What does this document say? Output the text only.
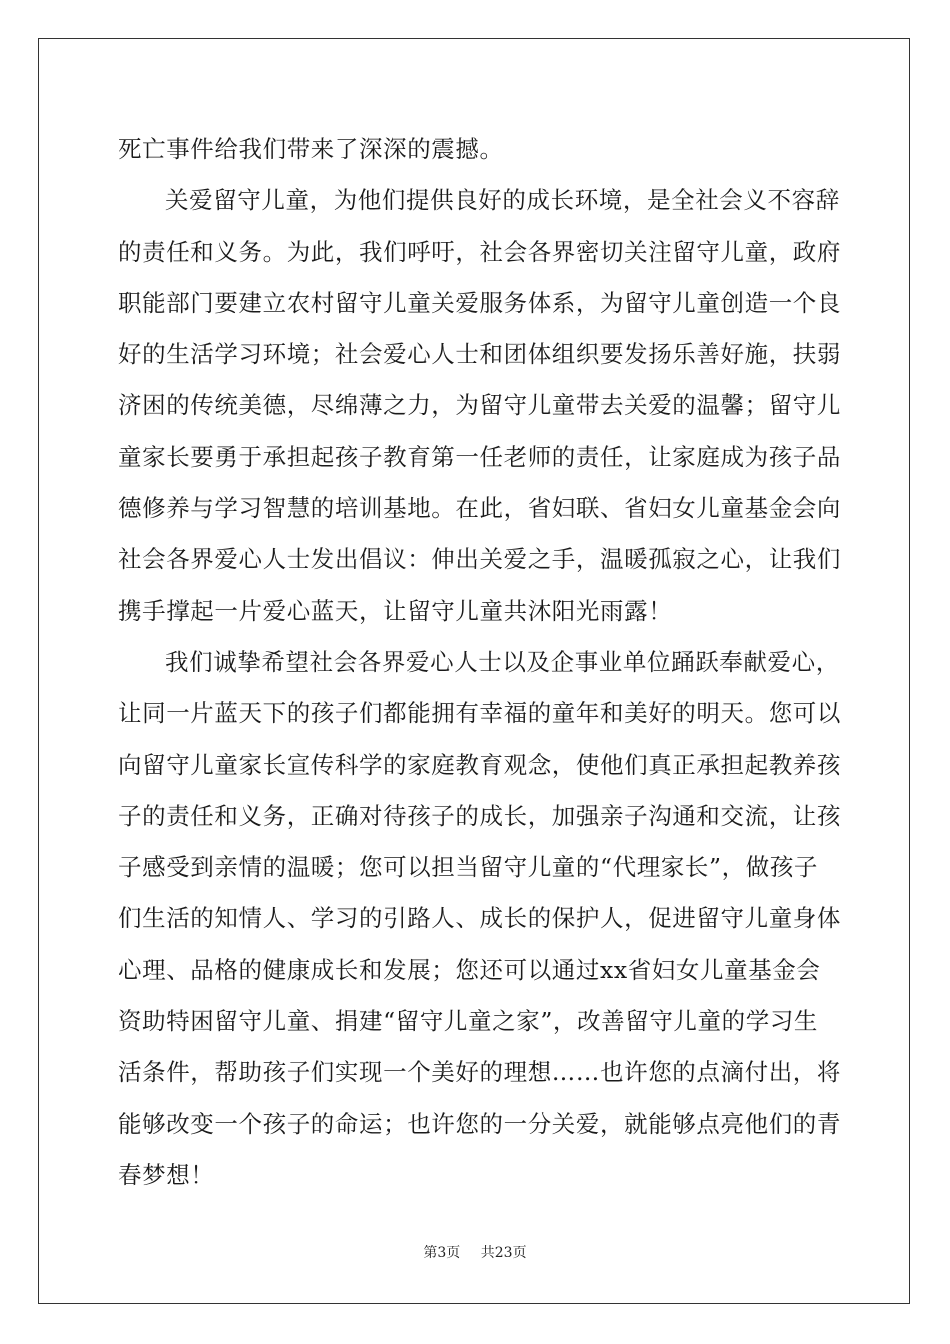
死亡事件给我们带来了深深的震撼。
关爱留守儿童，为他们提供良好的成长环境，是全社会义不容辞
的责任和义务。为此，我们呼吁，社会各界密切关注留守儿童，政府
职能部门要建立农村留守儿童关爱服务体系，为留守儿童创造一个良
好的生活学习环境；社会爱心人士和团体组织要发扬乐善好施，扶弱
济困的传统美德，尽绵薄之力，为留守儿童带去关爱的温馨；留守儿
童家长要勇于承担起孩子教育第一任老师的责任，让家庭成为孩子品
德修养与学习智慧的培训基地。在此，省妇联、省妇女儿童基金会向
社会各界爱心人士发出倡议：伸出关爱之手，温暖孤寂之心，让我们
携手撑起一片爱心蓝天，让留守儿童共沐阳光雨露！
我们诚挚希望社会各界爱心人士以及企事业单位踊跃奉献爱心，
让同一片蓝天下的孩子们都能拥有幸福的童年和美好的明天。您可以
向留守儿童家长宣传科学的家庭教育观念，使他们真正承担起教养孩
子的责任和义务，正确对待孩子的成长，加强亲子沟通和交流，让孩
子感受到亲情的温暖；您可以担当留守儿童的“代理家长”，做孩子
们生活的知情人、学习的引路人、成长的保护人，促进留守儿童身体
心理、品格的健康成长和发展；您还可以通过xx省妇女儿童基金会
资助特困留守儿童、捐建“留守儿童之家”，改善留守儿童的学习生
活条件，帮助孩子们实现一个美好的理想……也许您的点滴付出，将
能够改变一个孩子的命运；也许您的一分关爱，就能够点亮他们的青
春梦想！
第3页 共23页
